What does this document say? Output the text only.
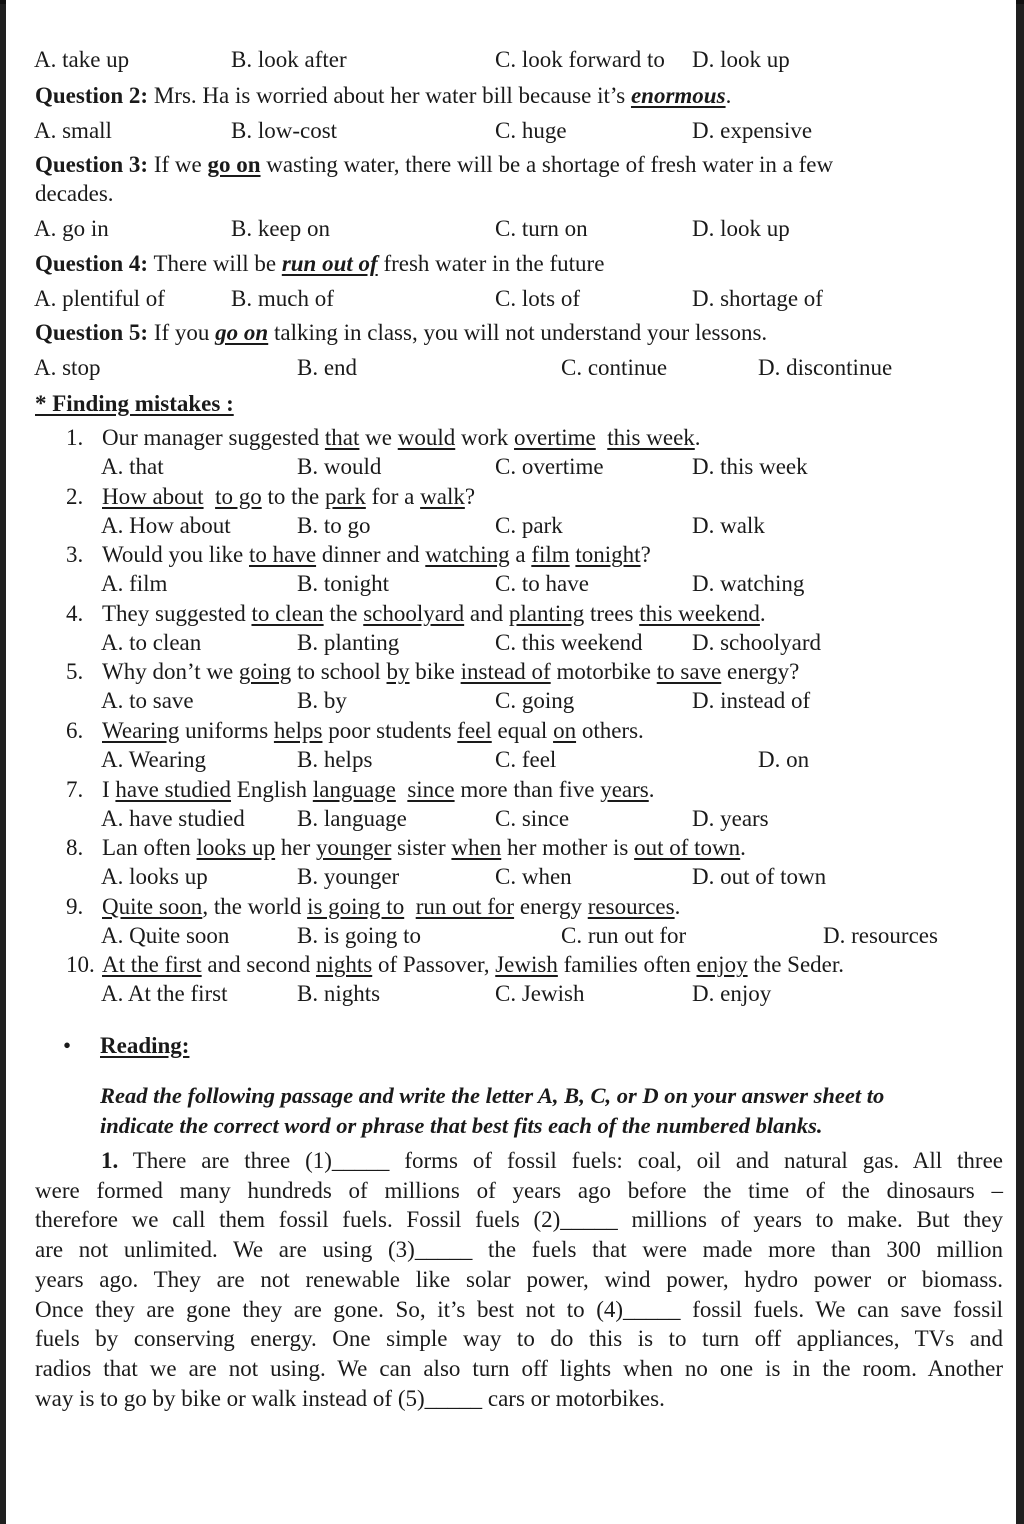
A. take up	B. look after	C. look forward to D. look up
Question 2: Mrs. Ha is worried about her water bill because it’s enormous.
A. small	B. low-cost	C. huge	D. expensive
Question 3: If we go on wasting water, there will be a shortage of fresh water in a few
decades.
A. go in	B. keep on	C. turn on	D. look up
Question 4: There will be run out of fresh water in the future
A. plentiful of	B. much of	C. lots of	D. shortage of
Question 5: If you go on talking in class, you will not understand your lessons.
A. stop	B. end	C. continue	D. discontinue
* Finding mistakes :
1. Our manager suggested that we would work overtime this week.
A. that	B. would	C. overtime	D. this week
2. How about to go to the park for a walk?
A. How about	B. to go	C. park	D. walk
3. Would you like to have dinner and watching a film tonight?
A. film	B. tonight	C. to have	D. watching
4. They suggested to clean the schoolyard and planting trees this weekend.
A. to clean	B. planting	C. this weekend D. schoolyard
5. Why don’t we going to school by bike instead of motorbike to save energy?
A. to save	B. by	C. going	D. instead of
6. Wearing uniforms helps poor students feel equal on others.
A. Wearing	B. helps	C. feel	D. on
7. I have studied English language since more than five years.
A. have studied B. language	C. since	D. years
8. Lan often looks up her younger sister when her mother is out of town.
A. looks up	B. younger	C. when	D. out of town
9. Quite soon, the world is going to run out for energy resources.
A. Quite soon	B. is going to	C. run out for	D. resources
10. At the first and second nights of Passover, Jewish families often enjoy the Seder.
A. At the first	B. nights	C. Jewish	D. enjoy
• Reading:
Read the following passage and write the letter A, B, C, or D on your answer sheet to
indicate the correct word or phrase that best fits each of the numbered blanks.
1. There are three (1)_____ forms of fossil fuels: coal, oil and natural gas. All three
were formed many hundreds of millions of years ago before the time of the dinosaurs –
therefore we call them fossil fuels. Fossil fuels (2)_____ millions of years to make. But they
are not unlimited. We are using (3)_____ the fuels that were made more than 300 million
years ago. They are not renewable like solar power, wind power, hydro power or biomass.
Once they are gone they are gone. So, it’s best not to (4)_____ fossil fuels. We can save fossil
fuels by conserving energy. One simple way to do this is to turn off appliances, TVs and
radios that we are not using. We can also turn off lights when no one is in the room. Another
way is to go by bike or walk instead of (5)_____ cars or motorbikes.
